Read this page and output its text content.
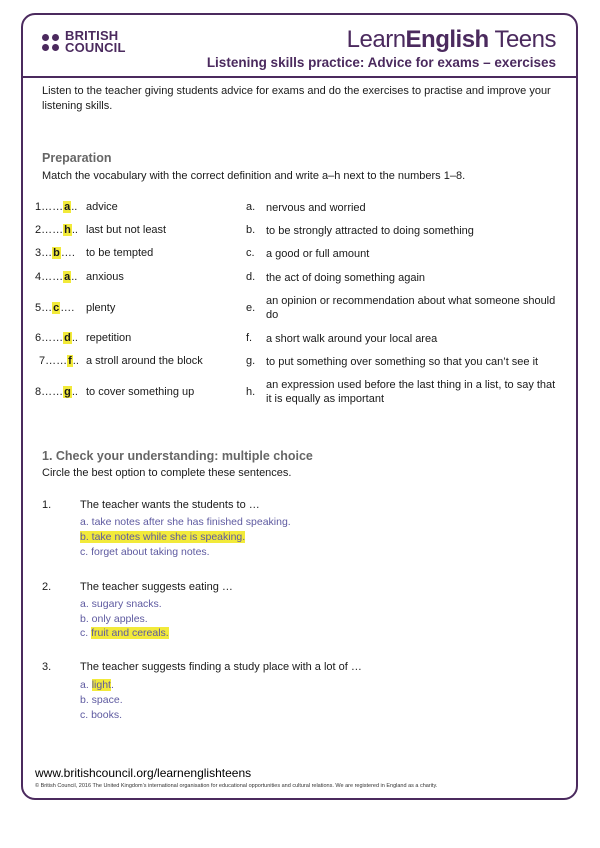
BRITISH
COUNCIL	LearnEnglish Teens
Listening skills practice: Advice for exams – exercises
Listen to the teacher giving students advice for exams and do the exercises to practise and improve your listening skills.
Preparation
Match the vocabulary with the correct definition and write a–h next to the numbers 1–8.
1……a.. advice	a. nervous and worried
2……h.. last but not least	b. to be strongly attracted to doing something
3…b…. to be tempted	c. a good or full amount
4……a.. anxious	d. the act of doing something again
5…c…. plenty	e.
an opinion or recommendation about what someone should do
6……d.. repetition	f. a short walk around your local area
7……f.. a stroll around the block	g. to put something over something so that you can’t see it
8……g.. to cover something up	h.
an expression used before the last thing in a list, to say that it is equally as important
1. Check your understanding: multiple choice
Circle the best option to complete these sentences.
1.	The teacher wants the students to …
a. take notes after she has finished speaking.
b. take notes while she is speaking.
c. forget about taking notes.
2.	The teacher suggests eating …
a. sugary snacks.
b. only apples.
c. fruit and cereals.
3.	The teacher suggests finding a study place with a lot of …
a. light.
b. space.
c. books.
www.britishcouncil.org/learnenglishteens
© British Council, 2016 The United Kingdom’s international organisation for educational opportunities and cultural relations. We are registered in England as a charity.
